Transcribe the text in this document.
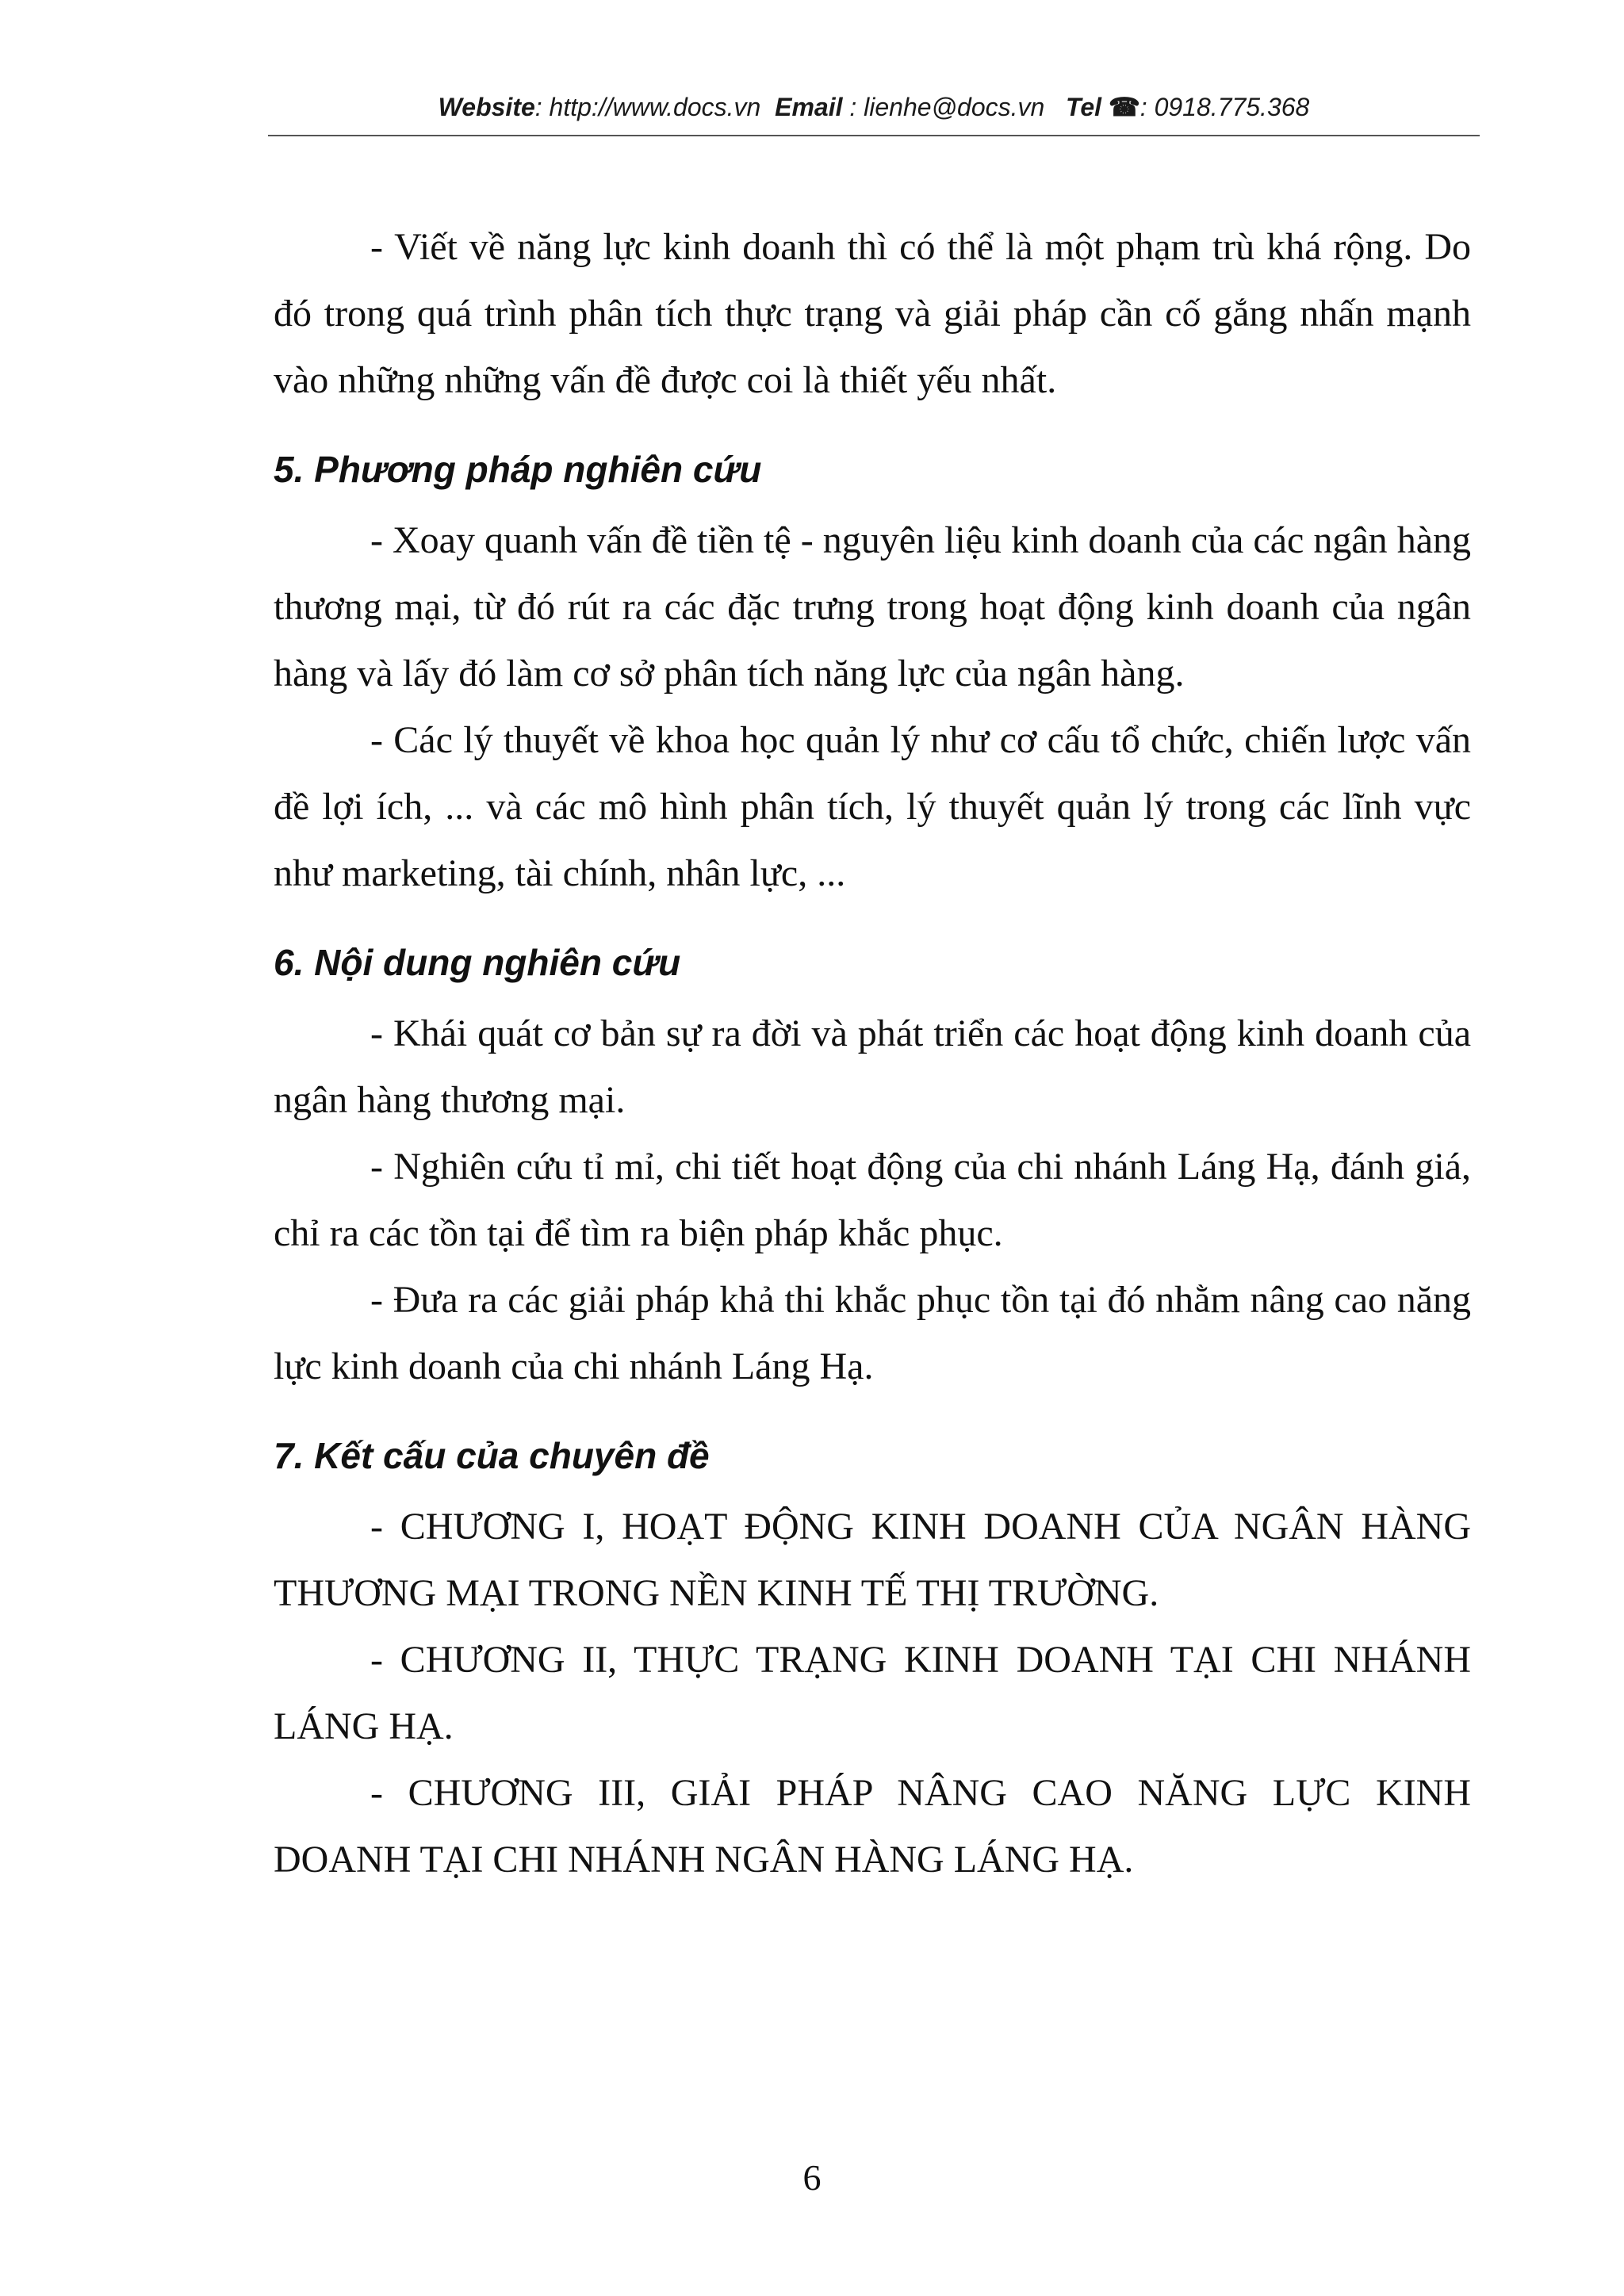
Website: http://www.docs.vn Email : lienhe@docs.vn Tel ☎: 0918.775.368

- Viết về năng lực kinh doanh thì có thể là một phạm trù khá rộng. Do đó trong quá trình phân tích thực trạng và giải pháp cần cố gắng nhấn mạnh vào những những vấn đề được coi là thiết yếu nhất.

5. Phương pháp nghiên cứu

- Xoay quanh vấn đề tiền tệ - nguyên liệu kinh doanh của các ngân hàng thương mại, từ đó rút ra các đặc trưng trong hoạt động kinh doanh của ngân hàng và lấy đó làm cơ sở phân tích năng lực của ngân hàng.

- Các lý thuyết về khoa học quản lý như cơ cấu tổ chức, chiến lược vấn đề lợi ích, ... và các mô hình phân tích, lý thuyết quản lý trong các lĩnh vực như marketing, tài chính, nhân lực, ...

6. Nội dung nghiên cứu

- Khái quát cơ bản sự ra đời và phát triển các hoạt động kinh doanh của ngân hàng thương mại.

- Nghiên cứu tỉ mỉ, chi tiết hoạt động của chi nhánh Láng Hạ, đánh giá, chỉ ra các tồn tại để tìm ra biện pháp khắc phục.

- Đưa ra các giải pháp khả thi khắc phục tồn tại đó nhằm nâng cao năng lực kinh doanh của chi nhánh Láng Hạ.

7. Kết cấu của chuyên đề

- CHƯƠNG I, HOẠT ĐỘNG KINH DOANH CỦA NGÂN HÀNG THƯƠNG MẠI TRONG NỀN KINH TẾ THỊ TRƯỜNG.

- CHƯƠNG II, THỰC TRẠNG KINH DOANH TẠI CHI NHÁNH LÁNG HẠ.

- CHƯƠNG III, GIẢI PHÁP NÂNG CAO NĂNG LỰC KINH DOANH TẠI CHI NHÁNH NGÂN HÀNG LÁNG HẠ.

6
